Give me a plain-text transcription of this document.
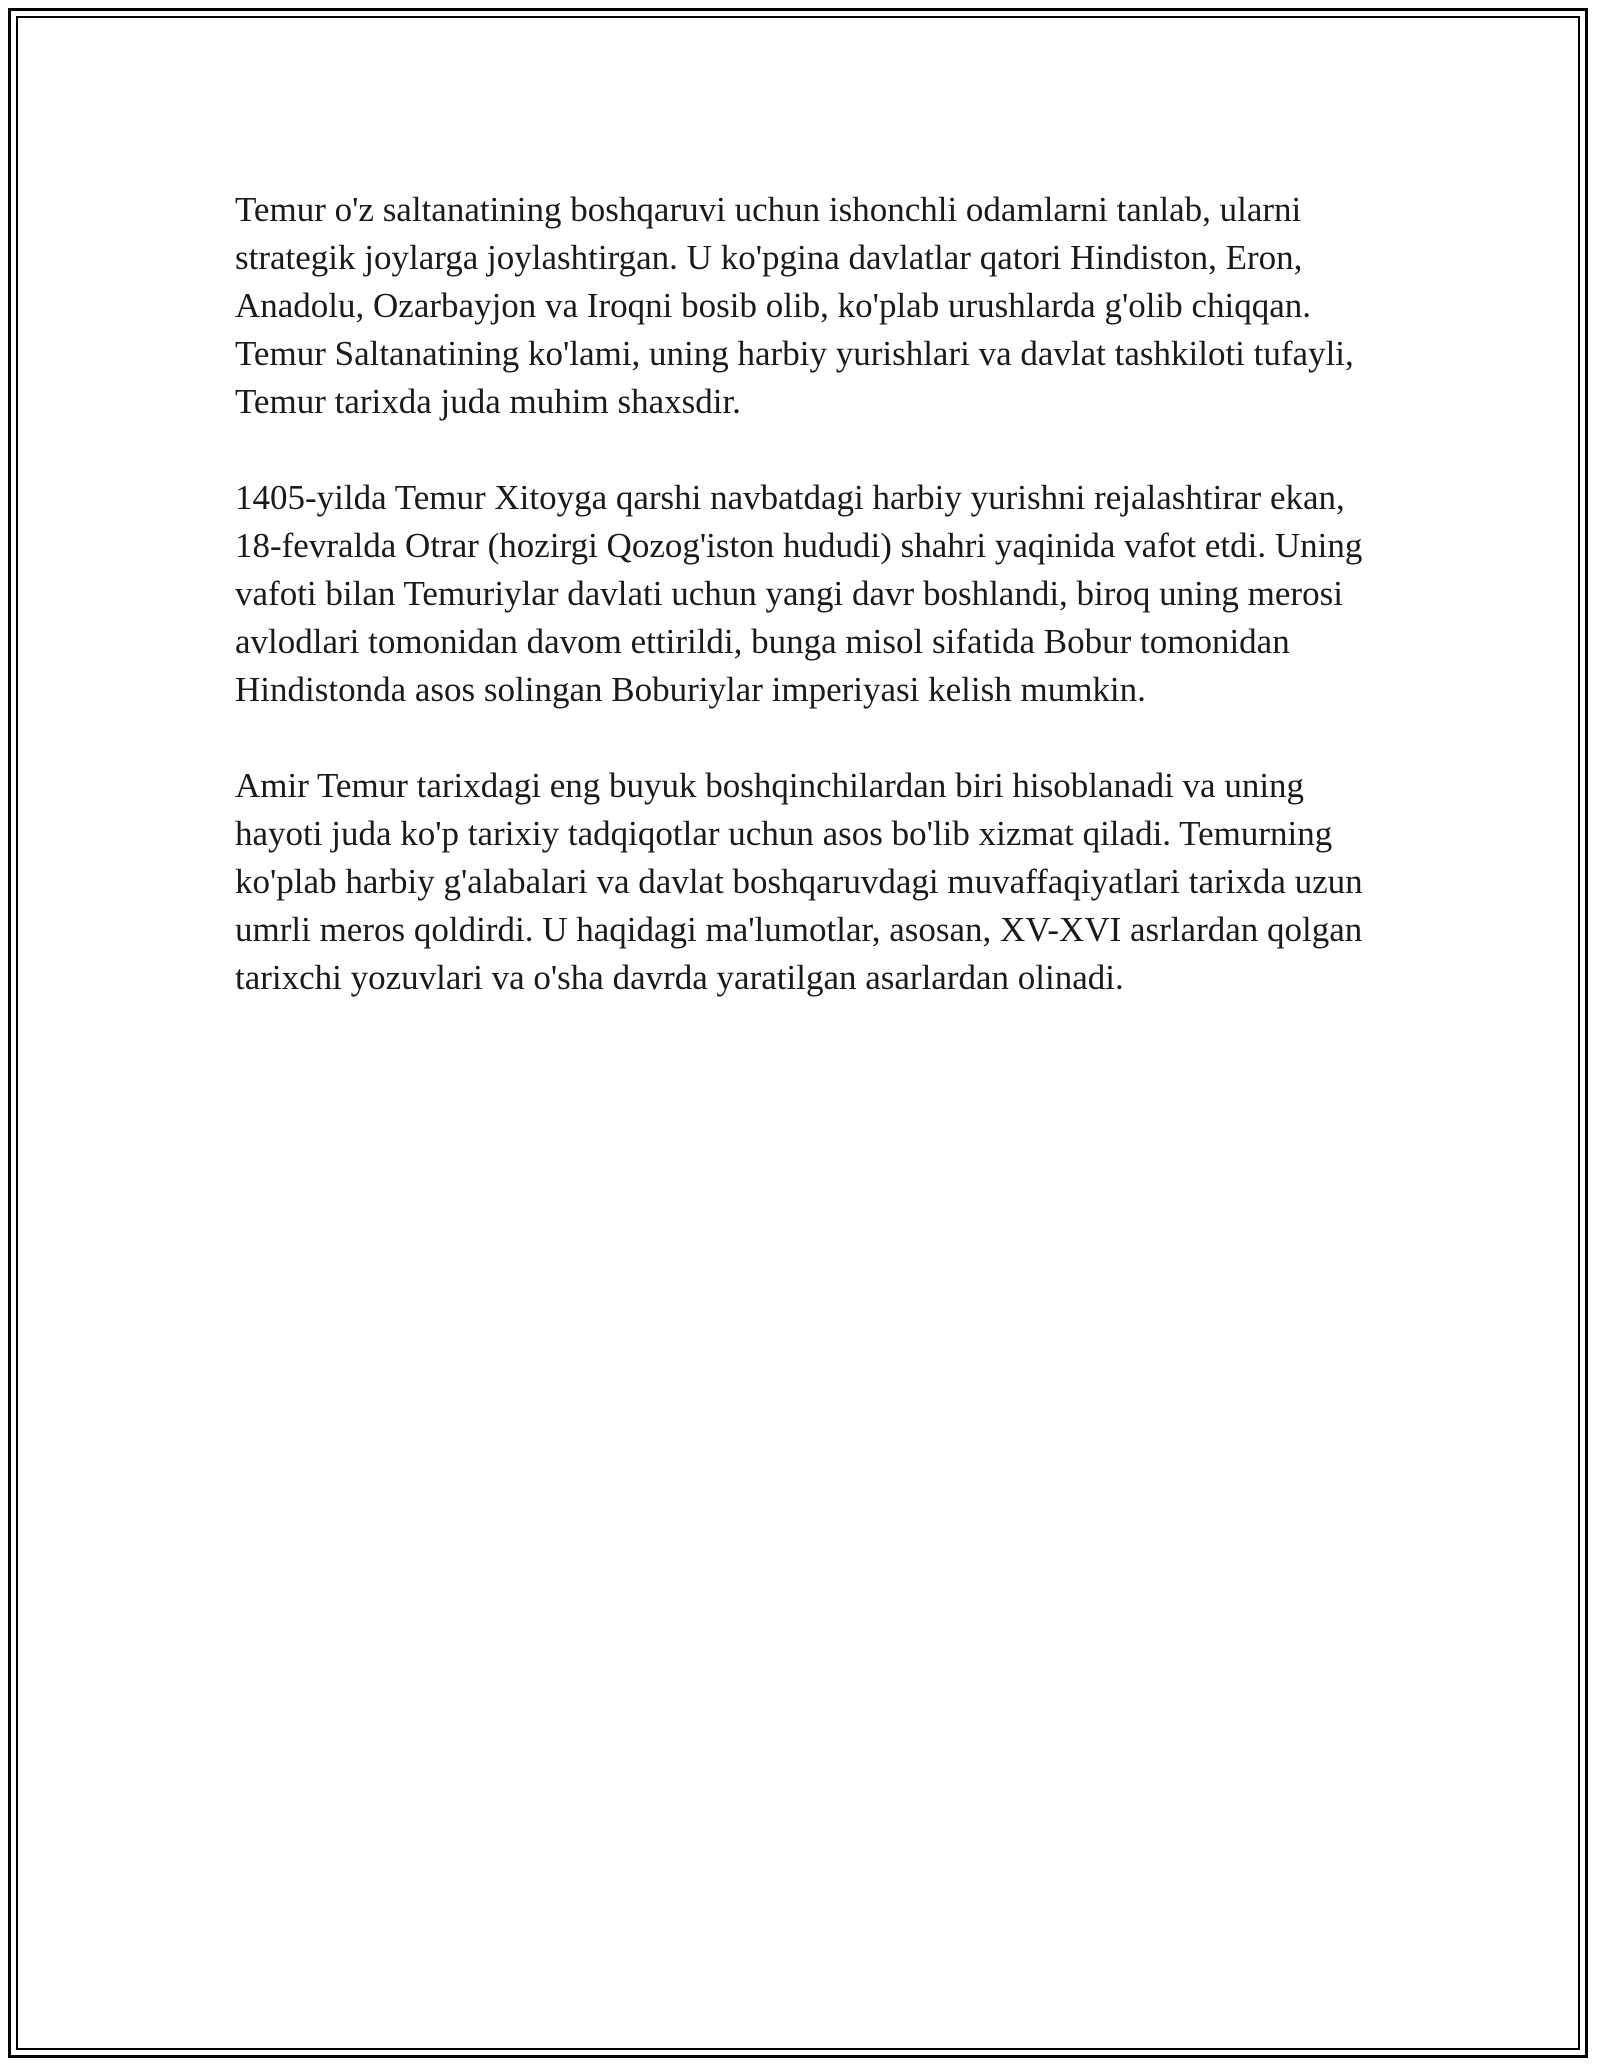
Temur o'z saltanatining boshqaruvi uchun ishonchli odamlarni tanlab, ularni strategik joylarga joylashtirgan. U ko'pgina davlatlar qatori Hindiston, Eron, Anadolu, Ozarbayjon va Iroqni bosib olib, ko'plab urushlarda g'olib chiqqan. Temur Saltanatining ko'lami, uning harbiy yurishlari va davlat tashkiloti tufayli, Temur tarixda juda muhim shaxsdir.

1405-yilda Temur Xitoyga qarshi navbatdagi harbiy yurishni rejalashtirar ekan, 18-fevralda Otrar (hozirgi Qozog'iston hududi) shahri yaqinida vafot etdi. Uning vafoti bilan Temuriylar davlati uchun yangi davr boshlandi, biroq uning merosi avlodlari tomonidan davom ettirildi, bunga misol sifatida Bobur tomonidan Hindistonda asos solingan Boburiylar imperiyasi kelish mumkin.

Amir Temur tarixdagi eng buyuk boshqinchilardan biri hisoblanadi va uning hayoti juda ko'p tarixiy tadqiqotlar uchun asos bo'lib xizmat qiladi. Temurning ko'plab harbiy g'alabalari va davlat boshqaruvdagi muvaffaqiyatlari tarixda uzun umrli meros qoldirdi. U haqidagi ma'lumotlar, asosan, XV-XVI asrlardan qolgan tarixchi yozuvlari va o'sha davrda yaratilgan asarlardan olinadi.
